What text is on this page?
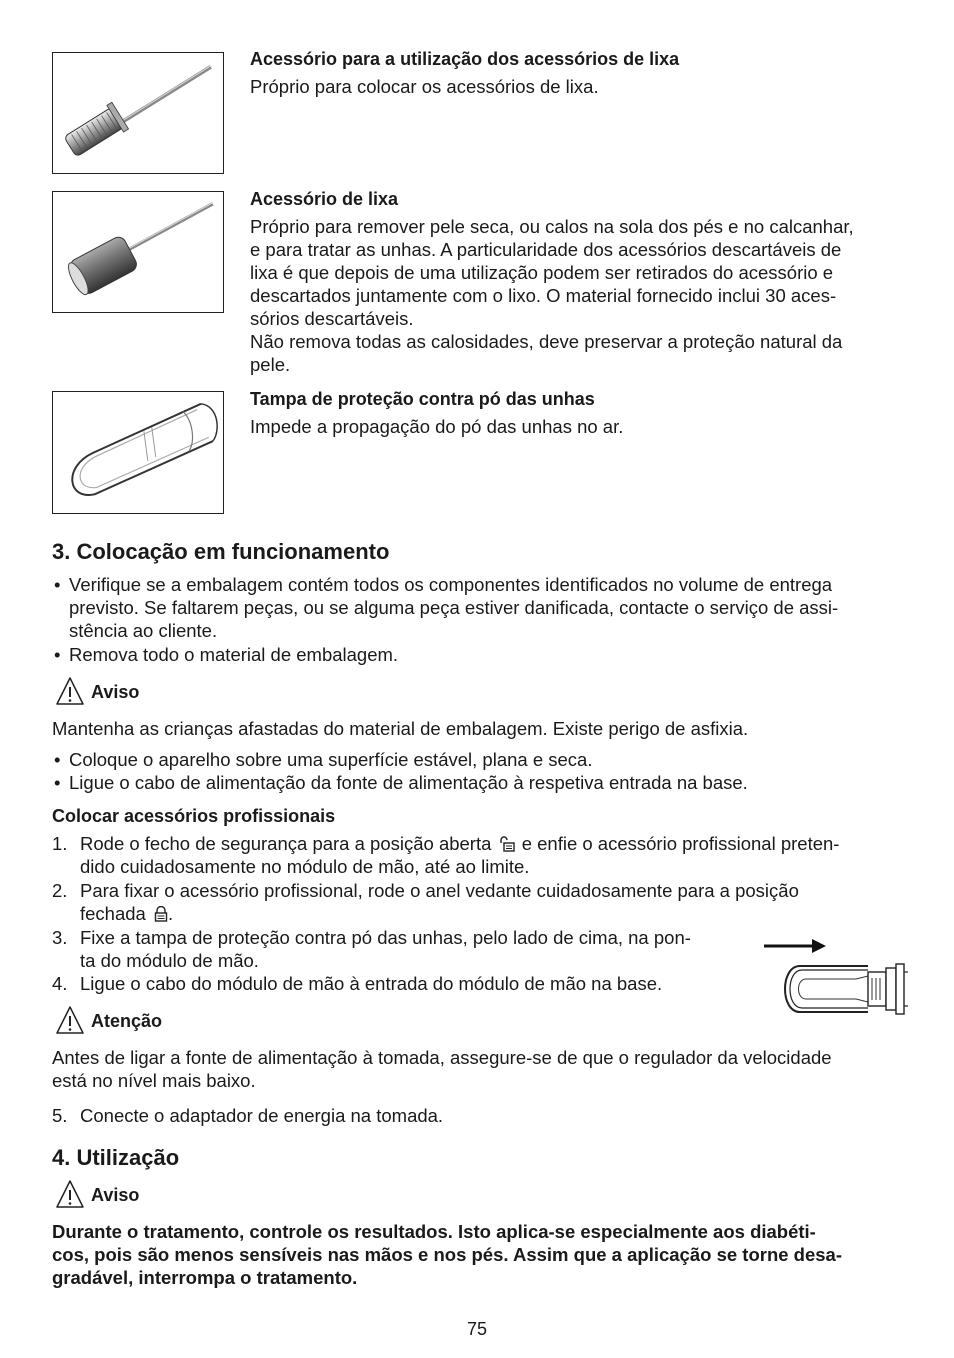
Acessório para a utilização dos acessórios de lixa
Próprio para colocar os acessórios de lixa.
Acessório de lixa
Próprio para remover pele seca, ou calos na sola dos pés e no calcanhar,
e para tratar as unhas. A particularidade dos acessórios descartáveis de
lixa é que depois de uma utilização podem ser retirados do acessório e
descartados juntamente com o lixo. O material fornecido inclui 30 aces-
sórios descartáveis.
Não remova todas as calosidades, deve preservar a proteção natural da
pele.
Tampa de proteção contra pó das unhas
Impede a propagação do pó das unhas no ar.
3. Colocação em funcionamento
• Verifique se a embalagem contém todos os componentes identificados no volume de entrega
previsto. Se faltarem peças, ou se alguma peça estiver danificada, contacte o serviço de assi-
stência ao cliente.
• Remova todo o material de embalagem.
Aviso
Mantenha as crianças afastadas do material de embalagem. Existe perigo de asfixia.
• Coloque o aparelho sobre uma superfície estável, plana e seca.
• Ligue o cabo de alimentação da fonte de alimentação à respetiva entrada na base.
Colocar acessórios profissionais
1. Rode o fecho de segurança para a posição aberta e enfie o acessório profissional preten-
dido cuidadosamente no módulo de mão, até ao limite.
2. Para fixar o acessório profissional, rode o anel vedante cuidadosamente para a posição
fechada .
3. Fixe a tampa de proteção contra pó das unhas, pelo lado de cima, na pon-
ta do módulo de mão.
4. Ligue o cabo do módulo de mão à entrada do módulo de mão na base.
Atenção
Antes de ligar a fonte de alimentação à tomada, assegure-se de que o regulador da velocidade
está no nível mais baixo.
5. Conecte o adaptador de energia na tomada.
4. Utilização
Aviso
Durante o tratamento, controle os resultados. Isto aplica-se especialmente aos diabéti-
cos, pois são menos sensíveis nas mãos e nos pés. Assim que a aplicação se torne desa-
gradável, interrompa o tratamento.
75
